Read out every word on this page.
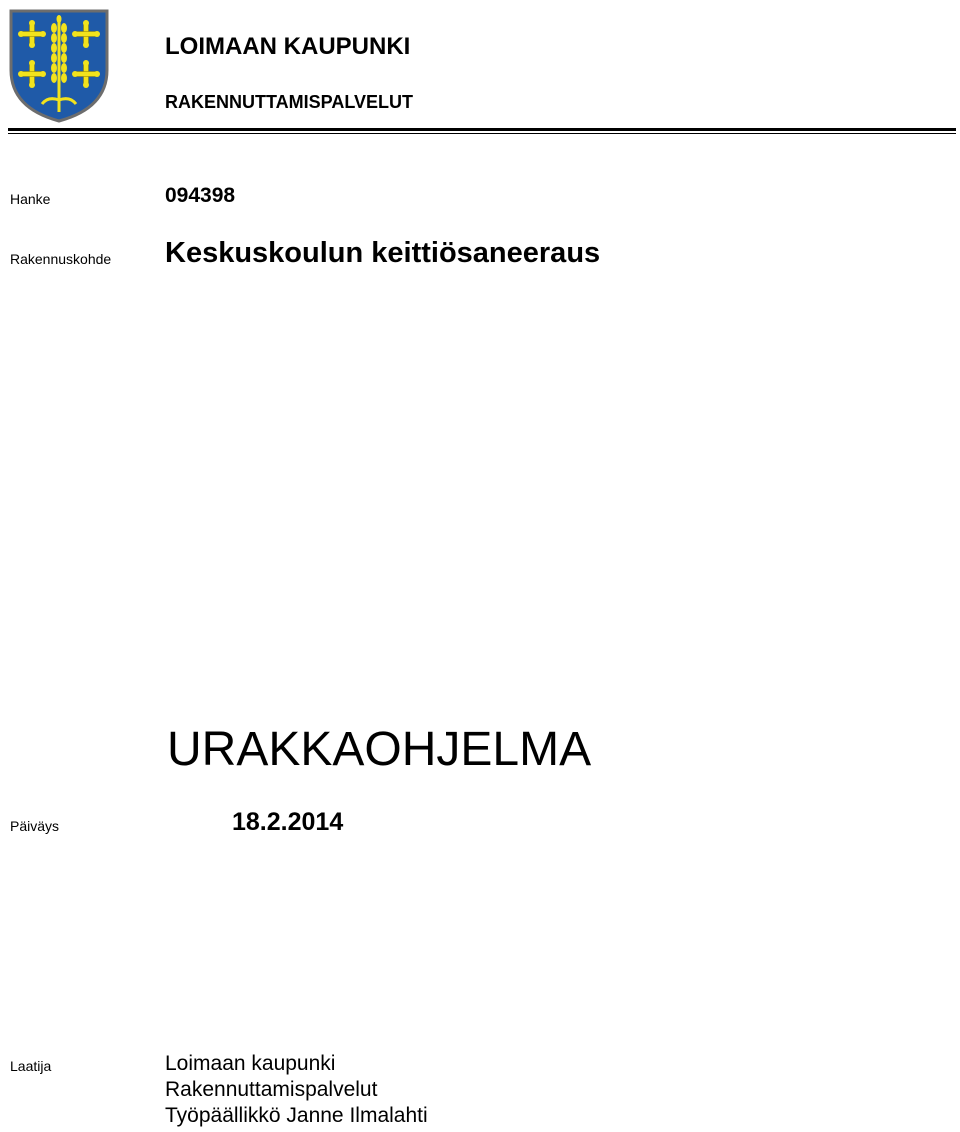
LOIMAAN KAUPUNKI
RAKENNUTTAMISPALVELUT
Hanke	094398
Rakennuskohde Keskuskoulun keittiösaneeraus
URAKKAOHJELMA
Päiväys	18.2.2014
Laatija	Loimaan kaupunki
Rakennuttamispalvelut
Työpäällikkö Janne Ilmalahti
